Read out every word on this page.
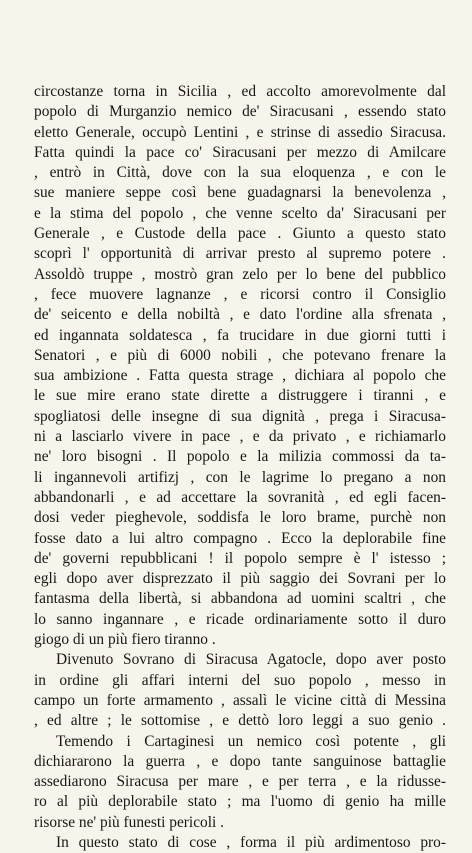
circostanze torna in Sicilia , ed accolto amorevolmente dal
popolo di Murganzio nemico de' Siracusani , essendo stato
eletto Generale, occupò Lentini , e strinse di assedio Siracusa.
Fatta quindi la pace co' Siracusani per mezzo di Amilcare
, entrò in Città, dove con la sua eloquenza , e con le
sue maniere seppe così bene guadagnarsi la benevolenza ,
e la stima del popolo , che venne scelto da' Siracusani per
Generale , e Custode della pace . Giunto a questo stato
scoprì l' opportunità di arrivar presto al supremo potere .
Assoldò truppe , mostrò gran zelo per lo bene del pubblico
, fece muovere lagnanze , e ricorsi contro il Consiglio
de' seicento e della nobiltà , e dato l'ordine alla sfrenata ,
ed ingannata soldatesca , fa trucidare in due giorni tutti i
Senatori , e più di 6000 nobili , che potevano frenare la
sua ambizione . Fatta questa strage , dichiara al popolo che
le sue mire erano state dirette a distruggere i tiranni , e
spogliatosi delle insegne di sua dignità , prega i Siracusa-
ni a lasciarlo vivere in pace , e da privato , e richiamarlo
ne' loro bisogni . Il popolo e la milizia commossi da ta-
li ingannevoli artifizj , con le lagrime lo pregano a non
abbandonarli , e ad accettare la sovranità , ed egli facen-
dosi veder pieghevole, soddisfa le loro brame, purchè non
fosse dato a lui altro compagno . Ecco la deplorabile fine
de' governi repubblicani ! il popolo sempre è l' istesso ;
egli dopo aver disprezzato il più saggio dei Sovrani per lo
fantasma della libertà, si abbandona ad uomini scaltri , che
lo sanno ingannare , e ricade ordinariamente sotto il duro
giogo di un più fiero tiranno .
Divenuto Sovrano di Siracusa Agatocle, dopo aver posto
in ordine gli affari interni del suo popolo , messo in
campo un forte armamento , assalì le vicine città di Messina
, ed altre ; le sottomise , e dettò loro leggi a suo genio .
Temendo i Cartaginesi un nemico così potente , gli
dichiararono la guerra , e dopo tante sanguinose battaglie
assediarono Siracusa per mare , e per terra , e la ridusse-
ro al più deplorabile stato ; ma l'uomo di genio ha mille
risorse ne' più funesti pericoli .
In questo stato di cose , forma il più ardimentoso pro-
